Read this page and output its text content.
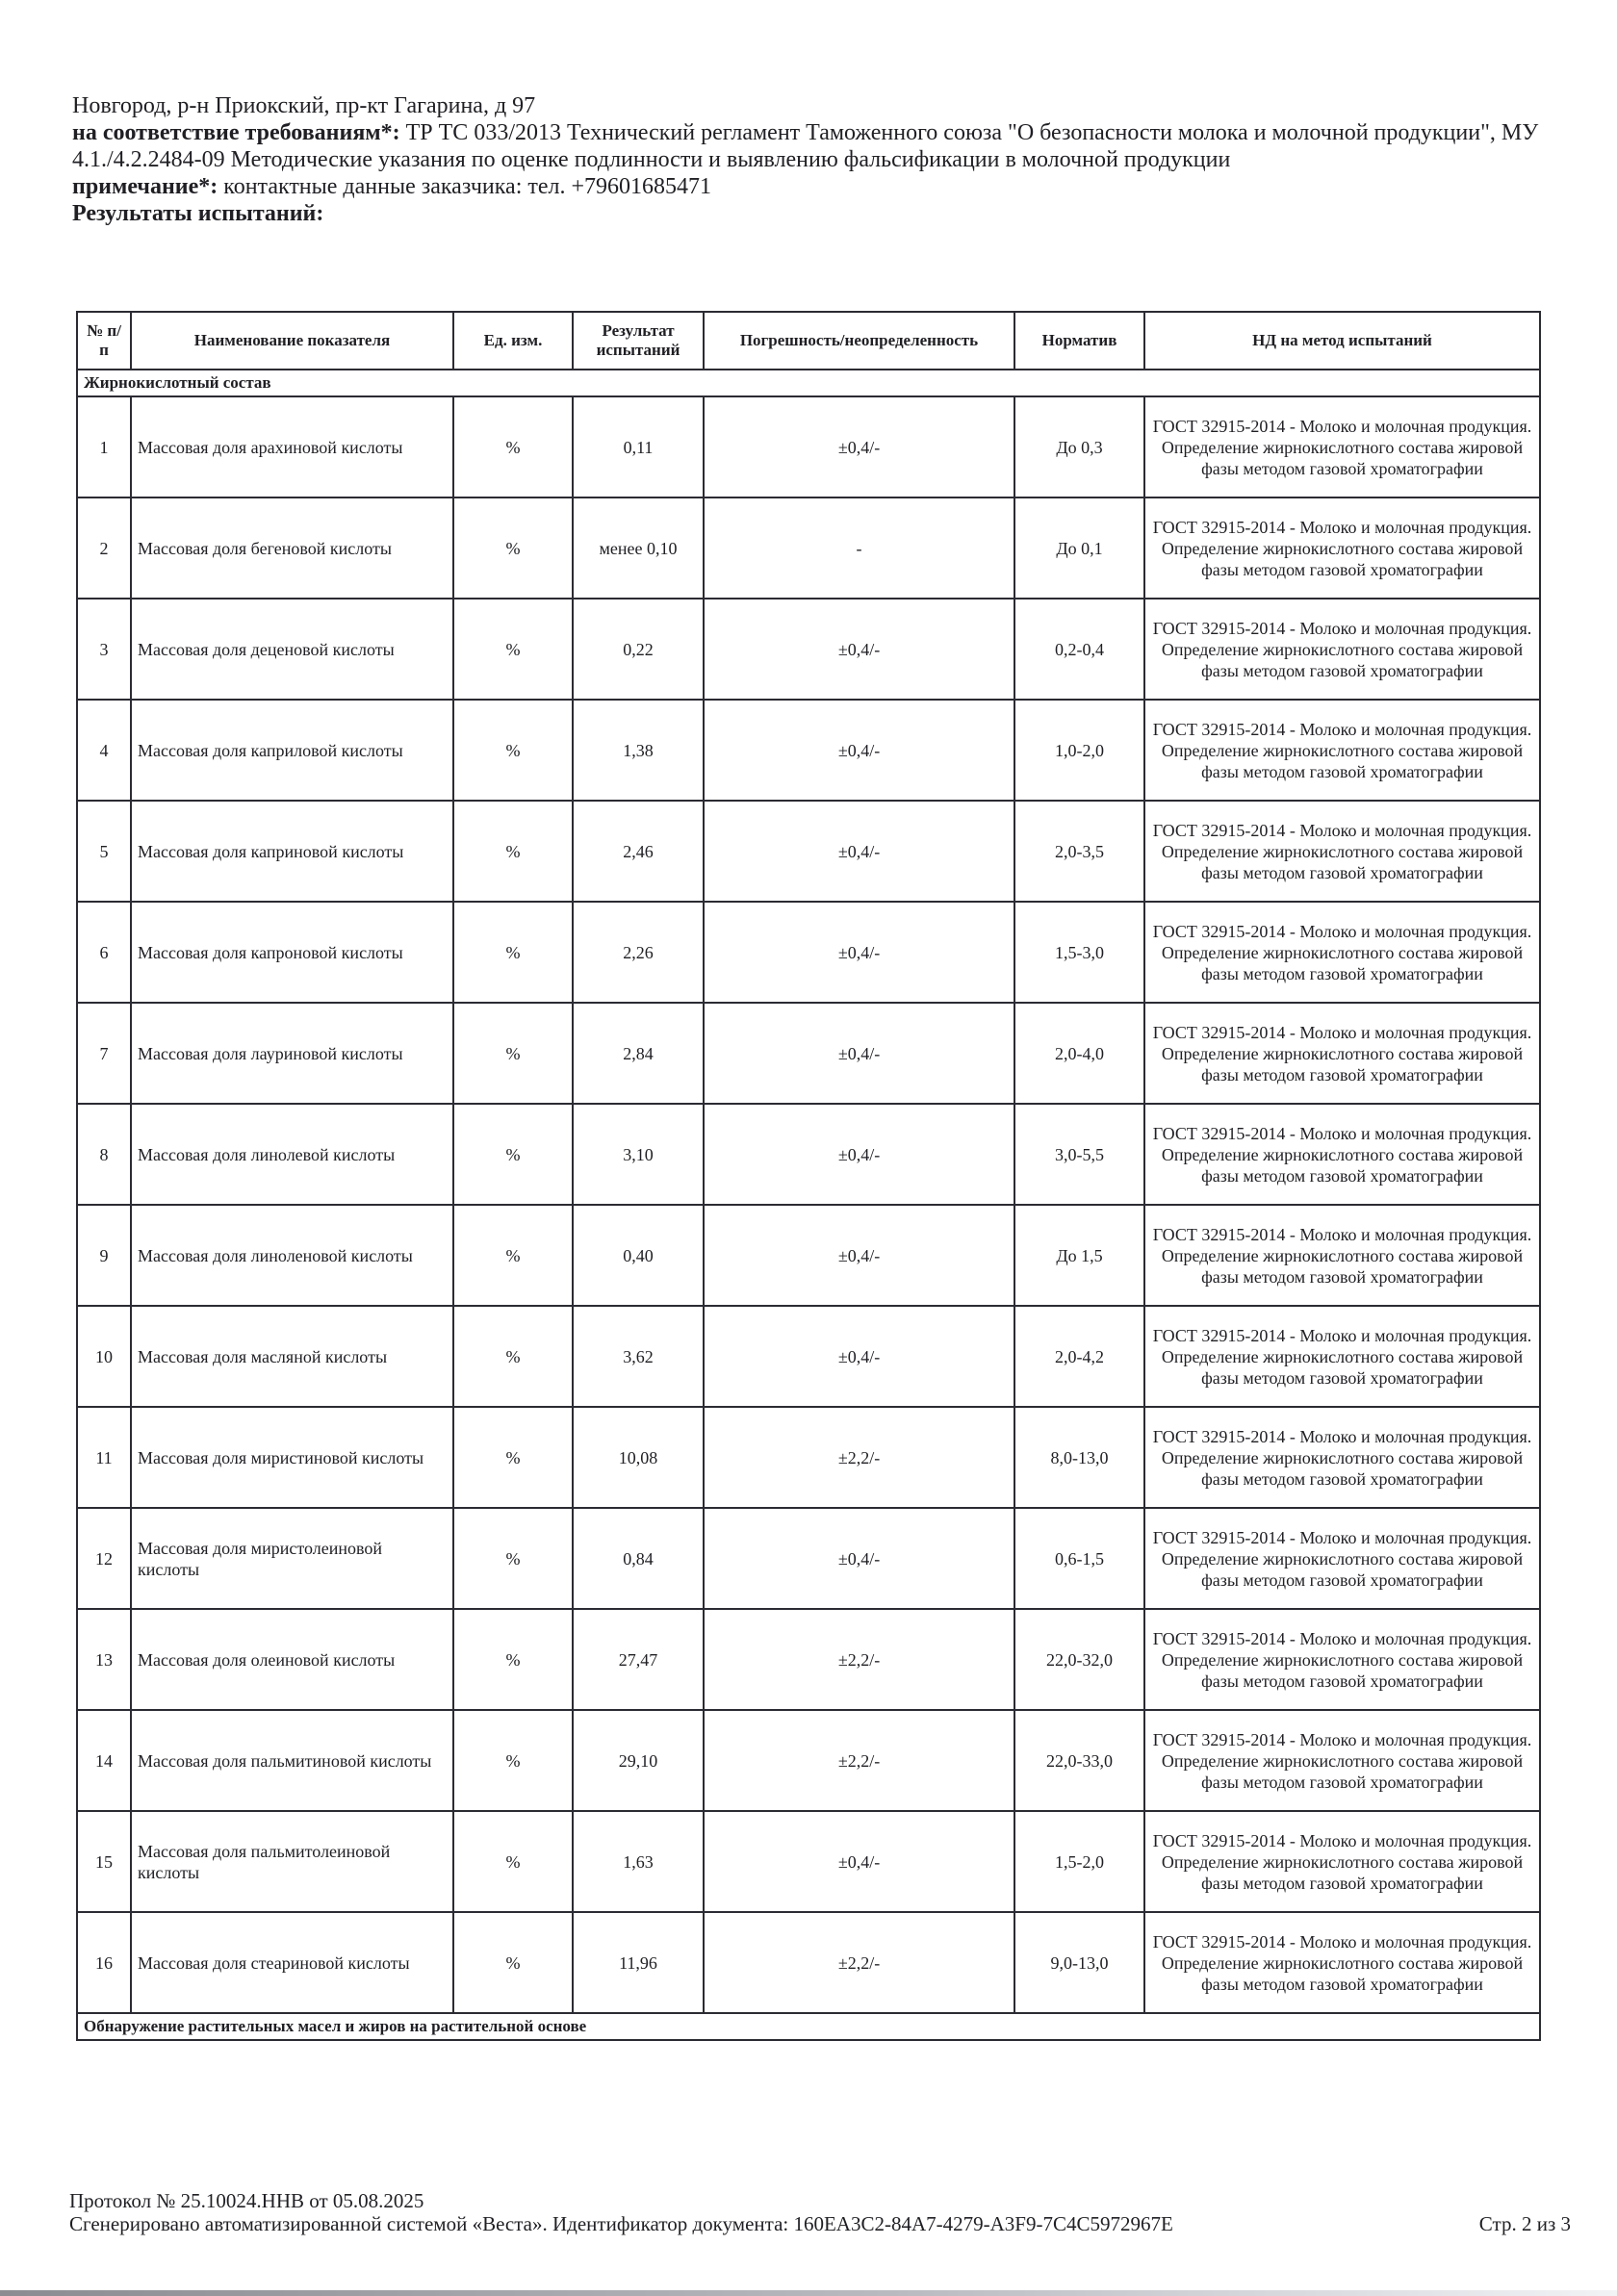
Новгород, р-н Приокский, пр-кт Гагарина, д 97

на соответствие требованиям*: ТР ТС 033/2013 Технический регламент Таможенного союза "О безопасности молока и молочной продукции", МУ 4.1./4.2.2484-09 Методические указания по оценке подлинности и выявлению фальсификации в молочной продукции

примечание*: контактные данные заказчика: тел. +79601685471

Результаты испытаний:

№ п/п	Наименование показателя	Ед. изм.	Результат испытаний	Погрешность/неопределенность	Норматив	НД на метод испытаний
Жирнокислотный состав						
1	Массовая доля арахиновой кислоты	%	0,11	±0,4/-	До 0,3	ГОСТ 32915-2014 - Молоко и молочная продукция. Определение жирнокислотного состава жировой фазы методом газовой хроматографии
2	Массовая доля бегеновой кислоты	%	менее 0,10	-	До 0,1	ГОСТ 32915-2014 - Молоко и молочная продукция. Определение жирнокислотного состава жировой фазы методом газовой хроматографии
3	Массовая доля деценовой кислоты	%	0,22	±0,4/-	0,2-0,4	ГОСТ 32915-2014 - Молоко и молочная продукция. Определение жирнокислотного состава жировой фазы методом газовой хроматографии
4	Массовая доля каприловой кислоты	%	1,38	±0,4/-	1,0-2,0	ГОСТ 32915-2014 - Молоко и молочная продукция. Определение жирнокислотного состава жировой фазы методом газовой хроматографии
5	Массовая доля каприновой кислоты	%	2,46	±0,4/-	2,0-3,5	ГОСТ 32915-2014 - Молоко и молочная продукция. Определение жирнокислотного состава жировой фазы методом газовой хроматографии
6	Массовая доля капроновой кислоты	%	2,26	±0,4/-	1,5-3,0	ГОСТ 32915-2014 - Молоко и молочная продукция. Определение жирнокислотного состава жировой фазы методом газовой хроматографии
7	Массовая доля лауриновой кислоты	%	2,84	±0,4/-	2,0-4,0	ГОСТ 32915-2014 - Молоко и молочная продукция. Определение жирнокислотного состава жировой фазы методом газовой хроматографии
8	Массовая доля линолевой кислоты	%	3,10	±0,4/-	3,0-5,5	ГОСТ 32915-2014 - Молоко и молочная продукция. Определение жирнокислотного состава жировой фазы методом газовой хроматографии
9	Массовая доля линоленовой кислоты	%	0,40	±0,4/-	До 1,5	ГОСТ 32915-2014 - Молоко и молочная продукция. Определение жирнокислотного состава жировой фазы методом газовой хроматографии
10	Массовая доля масляной кислоты	%	3,62	±0,4/-	2,0-4,2	ГОСТ 32915-2014 - Молоко и молочная продукция. Определение жирнокислотного состава жировой фазы методом газовой хроматографии
11	Массовая доля миристиновой кислоты	%	10,08	±2,2/-	8,0-13,0	ГОСТ 32915-2014 - Молоко и молочная продукция. Определение жирнокислотного состава жировой фазы методом газовой хроматографии
12	Массовая доля миристолеиновой кислоты	%	0,84	±0,4/-	0,6-1,5	ГОСТ 32915-2014 - Молоко и молочная продукция. Определение жирнокислотного состава жировой фазы методом газовой хроматографии
13	Массовая доля олеиновой кислоты	%	27,47	±2,2/-	22,0-32,0	ГОСТ 32915-2014 - Молоко и молочная продукция. Определение жирнокислотного состава жировой фазы методом газовой хроматографии
14	Массовая доля пальмитиновой кислоты	%	29,10	±2,2/-	22,0-33,0	ГОСТ 32915-2014 - Молоко и молочная продукция. Определение жирнокислотного состава жировой фазы методом газовой хроматографии
15	Массовая доля пальмитолеиновой кислоты	%	1,63	±0,4/-	1,5-2,0	ГОСТ 32915-2014 - Молоко и молочная продукция. Определение жирнокислотного состава жировой фазы методом газовой хроматографии
16	Массовая доля стеариновой кислоты	%	11,96	±2,2/-	9,0-13,0	ГОСТ 32915-2014 - Молоко и молочная продукция. Определение жирнокислотного состава жировой фазы методом газовой хроматографии
Обнаружение растительных масел и жиров на растительной основе						

Протокол № 25.10024.ННВ от 05.08.2025

Сгенерировано автоматизированной системой «Веста». Идентификатор документа: 160EA3C2-84A7-4279-A3F9-7C4C5972967E	Стр. 2 из 3
